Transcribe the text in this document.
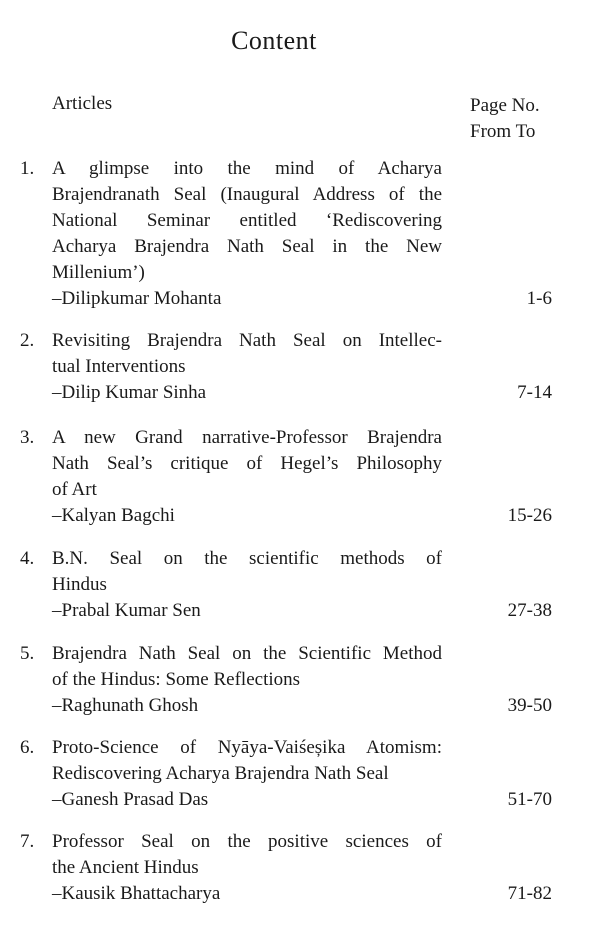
Content
Articles	Page No.
From To
1. A glimpse into the mind of Acharya
Brajendranath Seal (Inaugural Address of the
National Seminar entitled ‘Rediscovering
Acharya Brajendra Nath Seal in the New
Millenium’)
–Dilipkumar Mohanta	1-6
2. Revisiting Brajendra Nath Seal on Intellec-
tual Interventions
–Dilip Kumar Sinha	7-14
3. A new Grand narrative-Professor Brajendra
Nath Seal’s critique of Hegel’s Philosophy
of Art
–Kalyan Bagchi	15-26
4. B.N. Seal on the scientific methods of
Hindus
–Prabal Kumar Sen	27-38
5. Brajendra Nath Seal on the Scientific Method
of the Hindus: Some Reflections
–Raghunath Ghosh	39-50
6. Proto-Science of Nyāya-Vaiśeșika Atomism:
Rediscovering Acharya Brajendra Nath Seal
–Ganesh Prasad Das	51-70
7. Professor Seal on the positive sciences of
the Ancient Hindus
–Kausik Bhattacharya	71-82
